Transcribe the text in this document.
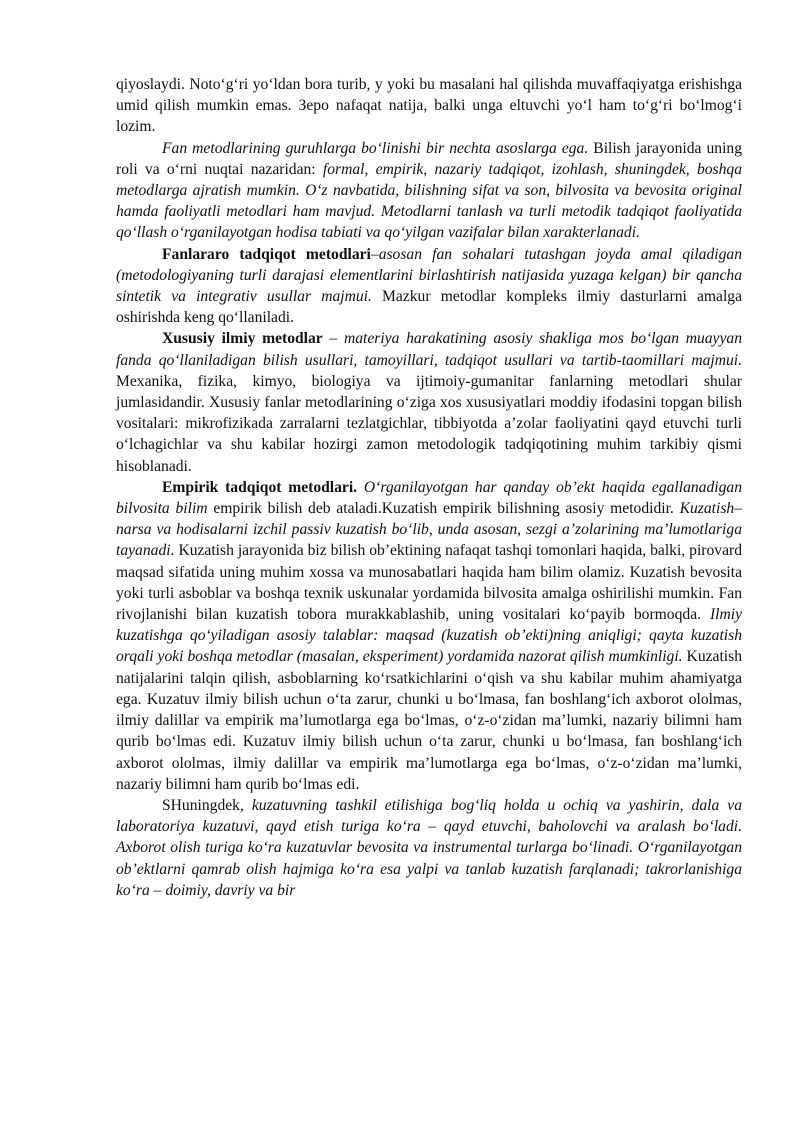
qiyoslaydi. Noto‘g‘ri yo‘ldan bora turib, y yoki bu masalani hal qilishda muvaffaqiyatga erishishga umid qilish mumkin emas. Зеро nafaqat natija, balki unga eltuvchi yo‘l ham to‘g‘ri bo‘lmog‘i lozim.

Fan metodlarining guruhlarga bo‘linishi bir nechta asoslarga ega. Bilish jarayonida uning roli va o‘rni nuqtai nazaridan: formal, empirik, nazariy tadqiqot, izohlash, shuningdek, boshqa metodlarga ajratish mumkin. O‘z navbatida, bilishning sifat va son, bilvosita va bevosita original hamda faoliyatli metodlari ham mavjud. Metodlarni tanlash va turli metodik tadqiqot faoliyatida qo‘llash o‘rganilayotgan hodisa tabiati va qo‘yilgan vazifalar bilan xarakterlanadi.

Fanlararo tadqiqot metodlari–asosan fan sohalari tutashgan joyda amal qiladigan (metodologiyaning turli darajasi elementlarini birlashtirish natijasida yuzaga kelgan) bir qancha sintetik va integrativ usullar majmui. Mazkur metodlar kompleks ilmiy dasturlarni amalga oshirishda keng qo‘llaniladi.

Xususiy ilmiy metodlar – materiya harakatining asosiy shakliga mos bo‘lgan muayyan fanda qo‘llaniladigan bilish usullari, tamoyillari, tadqiqot usullari va tartib-taomillari majmui. Mexanika, fizika, kimyo, biologiya va ijtimoiy-gumanitar fanlarning metodlari shular jumlasidandir. Xususiy fanlar metodlarining o‘ziga xos xususiyatlari moddiy ifodasini topgan bilish vositalari: mikrofizikada zarralarni tezlatgichlar, tibbiyotda a’zolar faoliyatini qayd etuvchi turli o‘lchagichlar va shu kabilar hozirgi zamon metodologik tadqiqotining muhim tarkibiy qismi hisoblanadi.

Empirik tadqiqot metodlari. O‘rganilayotgan har qanday ob’ekt haqida egallanadigan bilvosita bilim empirik bilish deb ataladi.Kuzatish empirik bilishning asosiy metodidir. Kuzatish–narsa va hodisalarni izchil passiv kuzatish bo‘lib, unda asosan, sezgi a’zolarining ma’lumotlariga tayanadi. Kuzatish jarayonida biz bilish ob’ektining nafaqat tashqi tomonlari haqida, balki, pirovard maqsad sifatida uning muhim xossa va munosabatlari haqida ham bilim olamiz. Kuzatish bevosita yoki turli asboblar va boshqa texnik uskunalar yordamida bilvosita amalga oshirilishi mumkin. Fan rivojlanishi bilan kuzatish tobora murakkablashib, uning vositalari ko‘payib bormoqda. Ilmiy kuzatishga qo‘yiladigan asosiy talablar: maqsad (kuzatish ob’ekti)ning aniqligi; qayta kuzatish orqali yoki boshqa metodlar (masalan, eksperiment) yordamida nazorat qilish mumkinligi. Kuzatish natijalarini talqin qilish, asboblarning ko‘rsatkichlarini o‘qish va shu kabilar muhim ahamiyatga ega. Kuzatuv ilmiy bilish uchun o‘ta zarur, chunki u bo‘lmasa, fan boshlang‘ich axborot ololmas, ilmiy dalillar va empirik ma’lumotlarga ega bo‘lmas, o‘z-o‘zidan ma’lumki, nazariy bilimni ham qurib bo‘lmas edi. Kuzatuv ilmiy bilish uchun o‘ta zarur, chunki u bo‘lmasa, fan boshlang‘ich axborot ololmas, ilmiy dalillar va empirik ma’lumotlarga ega bo‘lmas, o‘z-o‘zidan ma’lumki, nazariy bilimni ham qurib bo‘lmas edi.

SHuningdek, kuzatuvning tashkil etilishiga bog‘liq holda u ochiq va yashirin, dala va laboratoriya kuzatuvi, qayd etish turiga ko‘ra – qayd etuvchi, baholovchi va aralash bo‘ladi. Axborot olish turiga ko‘ra kuzatuvlar bevosita va instrumental turlarga bo‘linadi. O‘rganilayotgan ob’ektlarni qamrab olish hajmiga ko‘ra esa yalpi va tanlab kuzatish farqlanadi; takrorlanishiga ko‘ra – doimiy, davriy va bir
